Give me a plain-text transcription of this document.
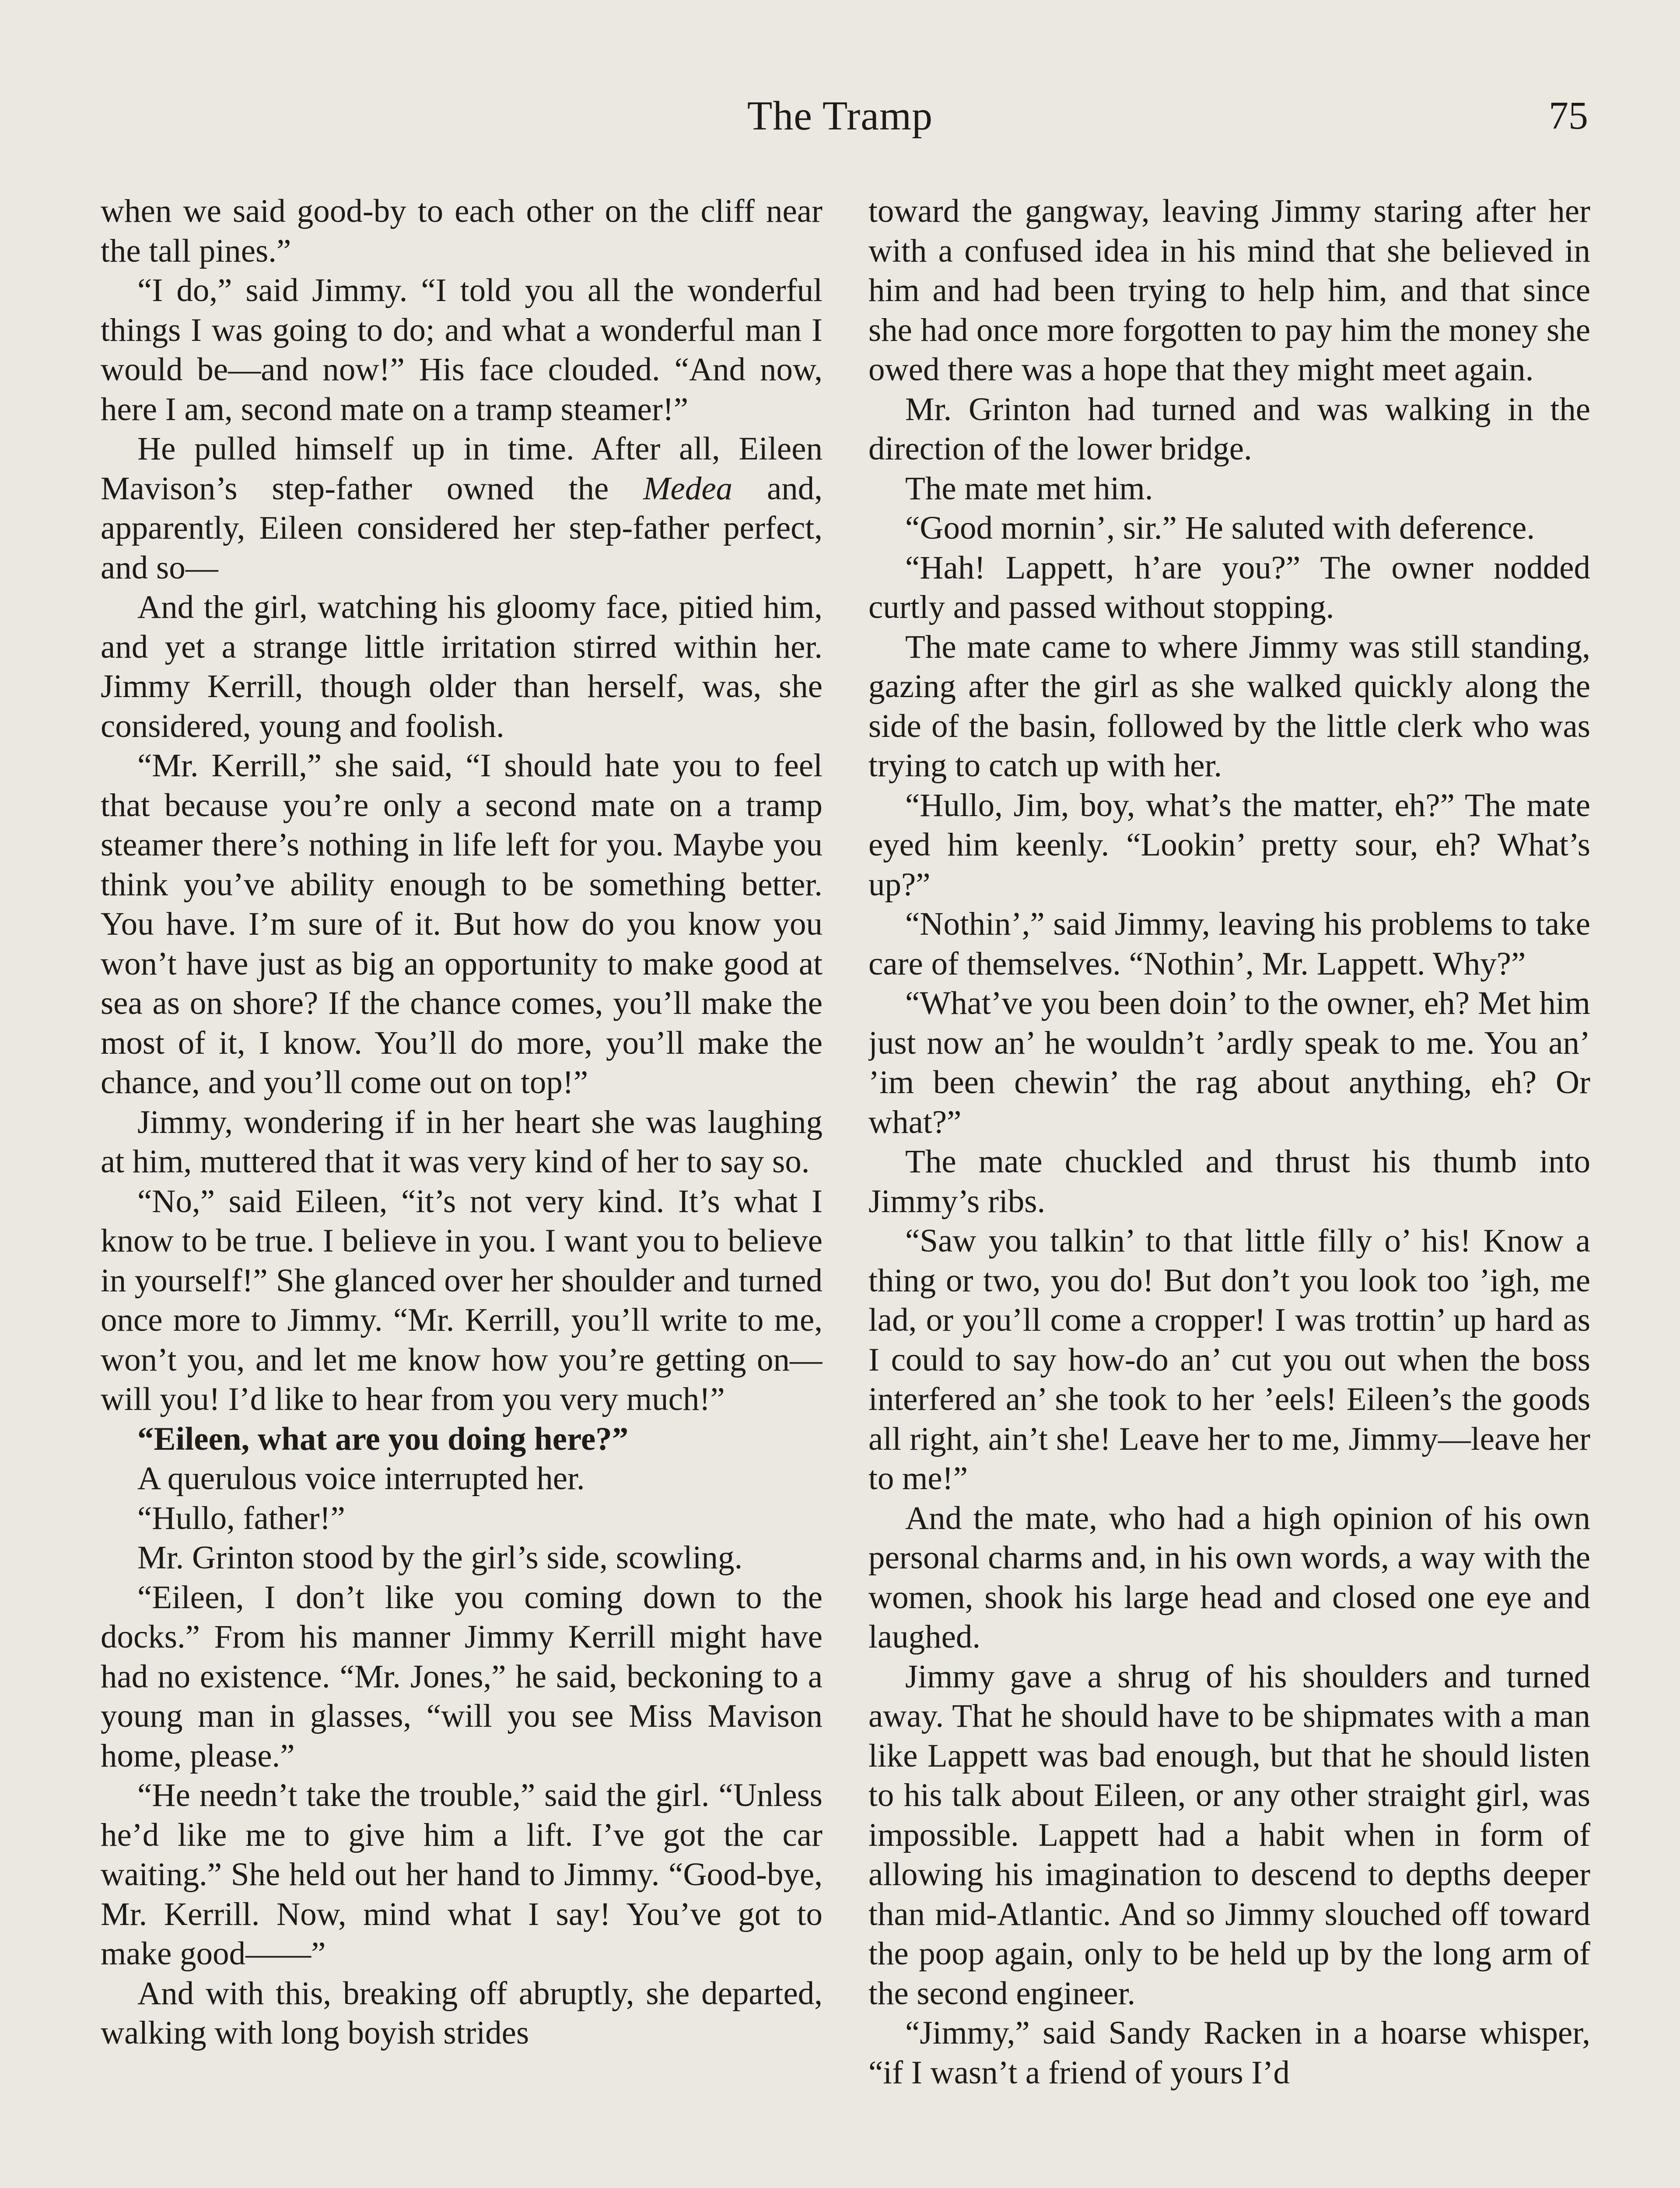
The Tramp	75

when we said good-by to each other on the cliff near the tall pines.”

“I do,” said Jimmy. “I told you all the wonderful things I was going to do; and what a wonderful man I would be—and now!” His face clouded. “And now, here I am, second mate on a tramp steamer!”

He pulled himself up in time. After all, Eileen Mavison’s step-father owned the Medea and, apparently, Eileen considered her step-father perfect, and so—

And the girl, watching his gloomy face, pitied him, and yet a strange little irritation stirred within her. Jimmy Kerrill, though older than herself, was, she considered, young and foolish.

“Mr. Kerrill,” she said, “I should hate you to feel that because you’re only a second mate on a tramp steamer there’s nothing in life left for you. Maybe you think you’ve ability enough to be something better. You have. I’m sure of it. But how do you know you won’t have just as big an opportunity to make good at sea as on shore? If the chance comes, you’ll make the most of it, I know. You’ll do more, you’ll make the chance, and you’ll come out on top!”

Jimmy, wondering if in her heart she was laughing at him, muttered that it was very kind of her to say so.

“No,” said Eileen, “it’s not very kind. It’s what I know to be true. I believe in you. I want you to believe in yourself!” She glanced over her shoulder and turned once more to Jimmy. “Mr. Kerrill, you’ll write to me, won’t you, and let me know how you’re getting on—will you! I’d like to hear from you very much!”

“Eileen, what are you doing here?”

A querulous voice interrupted her.

“Hullo, father!”

Mr. Grinton stood by the girl’s side, scowling.

“Eileen, I don’t like you coming down to the docks.” From his manner Jimmy Kerrill might have had no existence. “Mr. Jones,” he said, beckoning to a young man in glasses, “will you see Miss Mavison home, please.”

“He needn’t take the trouble,” said the girl. “Unless he’d like me to give him a lift. I’ve got the car waiting.” She held out her hand to Jimmy. “Good-bye, Mr. Kerrill. Now, mind what I say! You’ve got to make good——”

And with this, breaking off abruptly, she departed, walking with long boyish strides

toward the gangway, leaving Jimmy staring after her with a confused idea in his mind that she believed in him and had been trying to help him, and that since she had once more forgotten to pay him the money she owed there was a hope that they might meet again.

Mr. Grinton had turned and was walking in the direction of the lower bridge.

The mate met him.

“Good mornin’, sir.” He saluted with deference.

“Hah! Lappett, h’are you?” The owner nodded curtly and passed without stopping.

The mate came to where Jimmy was still standing, gazing after the girl as she walked quickly along the side of the basin, followed by the little clerk who was trying to catch up with her.

“Hullo, Jim, boy, what’s the matter, eh?” The mate eyed him keenly. “Lookin’ pretty sour, eh? What’s up?”

“Nothin’,” said Jimmy, leaving his problems to take care of themselves. “Nothin’, Mr. Lappett. Why?”

“What’ve you been doin’ to the owner, eh? Met him just now an’ he wouldn’t ’ardly speak to me. You an’ ’im been chewin’ the rag about anything, eh? Or what?”

The mate chuckled and thrust his thumb into Jimmy’s ribs.

“Saw you talkin’ to that little filly o’ his! Know a thing or two, you do! But don’t you look too ’igh, me lad, or you’ll come a cropper! I was trottin’ up hard as I could to say how-do an’ cut you out when the boss interfered an’ she took to her ’eels! Eileen’s the goods all right, ain’t she! Leave her to me, Jimmy—leave her to me!”

And the mate, who had a high opinion of his own personal charms and, in his own words, a way with the women, shook his large head and closed one eye and laughed.

Jimmy gave a shrug of his shoulders and turned away. That he should have to be shipmates with a man like Lappett was bad enough, but that he should listen to his talk about Eileen, or any other straight girl, was impossible. Lappett had a habit when in form of allowing his imagination to descend to depths deeper than mid-Atlantic. And so Jimmy slouched off toward the poop again, only to be held up by the long arm of the second engineer.

“Jimmy,” said Sandy Racken in a hoarse whisper, “if I wasn’t a friend of yours I’d
